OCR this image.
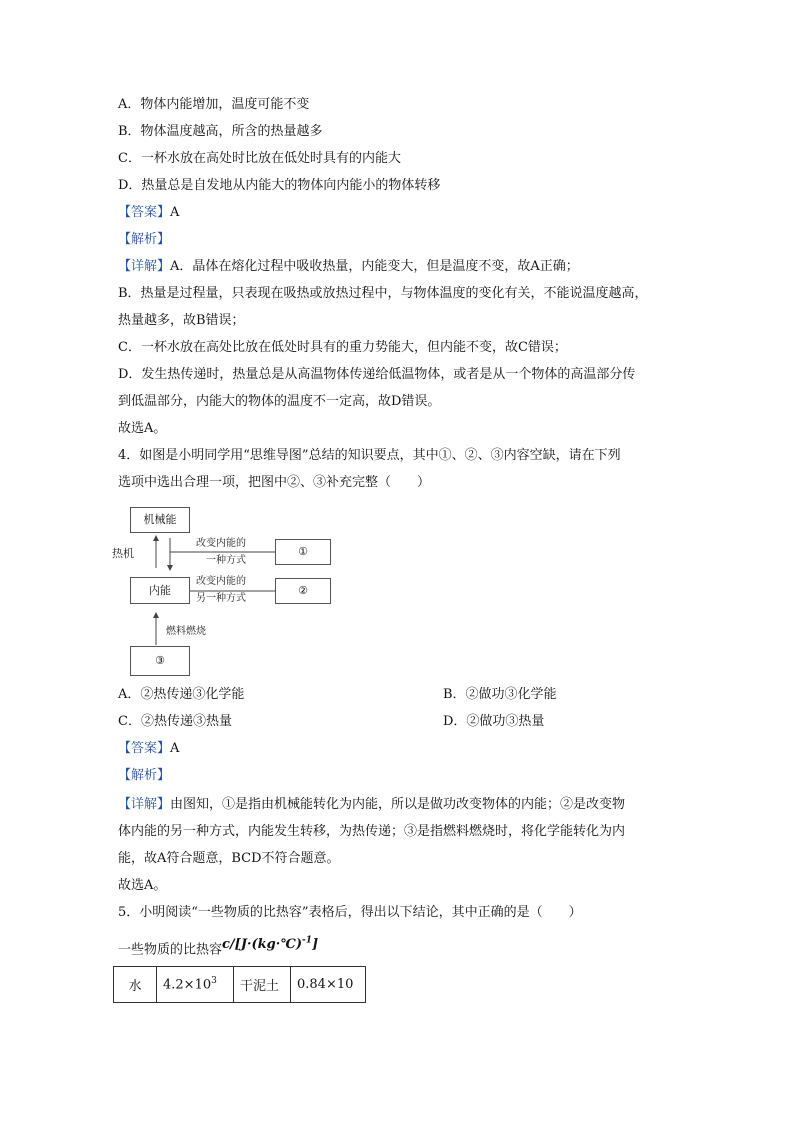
A．物体内能增加，温度可能不变
B．物体温度越高，所含的热量越多
C．一杯水放在高处时比放在低处时具有的内能大
D．热量总是自发地从内能大的物体向内能小的物体转移
【答案】A
【解析】
【详解】A．晶体在熔化过程中吸收热量，内能变大，但是温度不变，故A正确；
B．热量是过程量，只表现在吸热或放热过程中，与物体温度的变化有关，不能说温度越高，
热量越多，故B错误；
C．一杯水放在高处比放在低处时具有的重力势能大，但内能不变，故C错误；
D．发生热传递时，热量总是从高温物体传递给低温物体，或者是从一个物体的高温部分传
到低温部分，内能大的物体的温度不一定高，故D错误。
故选A。
4．如图是小明同学用“思维导图”总结的知识要点，其中①、②、③内容空缺，请在下列
选项中选出合理一项，把图中②、③补充完整（　　）
机械能
热机
改变内能的
一种方式
①
内能
改变内能的
另一种方式
②
燃料燃烧
③
A．②热传递③化学能	B．②做功③化学能
C．②热传递③热量	D．②做功③热量
【答案】A
【解析】
【详解】由图知，①是指由机械能转化为内能，所以是做功改变物体的内能；②是改变物
体内能的另一种方式，内能发生转移，为热传递；③是指燃料燃烧时，将化学能转化为内
能，故A符合题意，BCD不符合题意。
故选A。
5．小明阅读“一些物质的比热容”表格后，得出以下结论，其中正确的是（　　）
一些物质的比热容c/[J·(kg·℃)$^{-1}$]
水	$4.2\times 10^3$	干泥土	0.84×10
